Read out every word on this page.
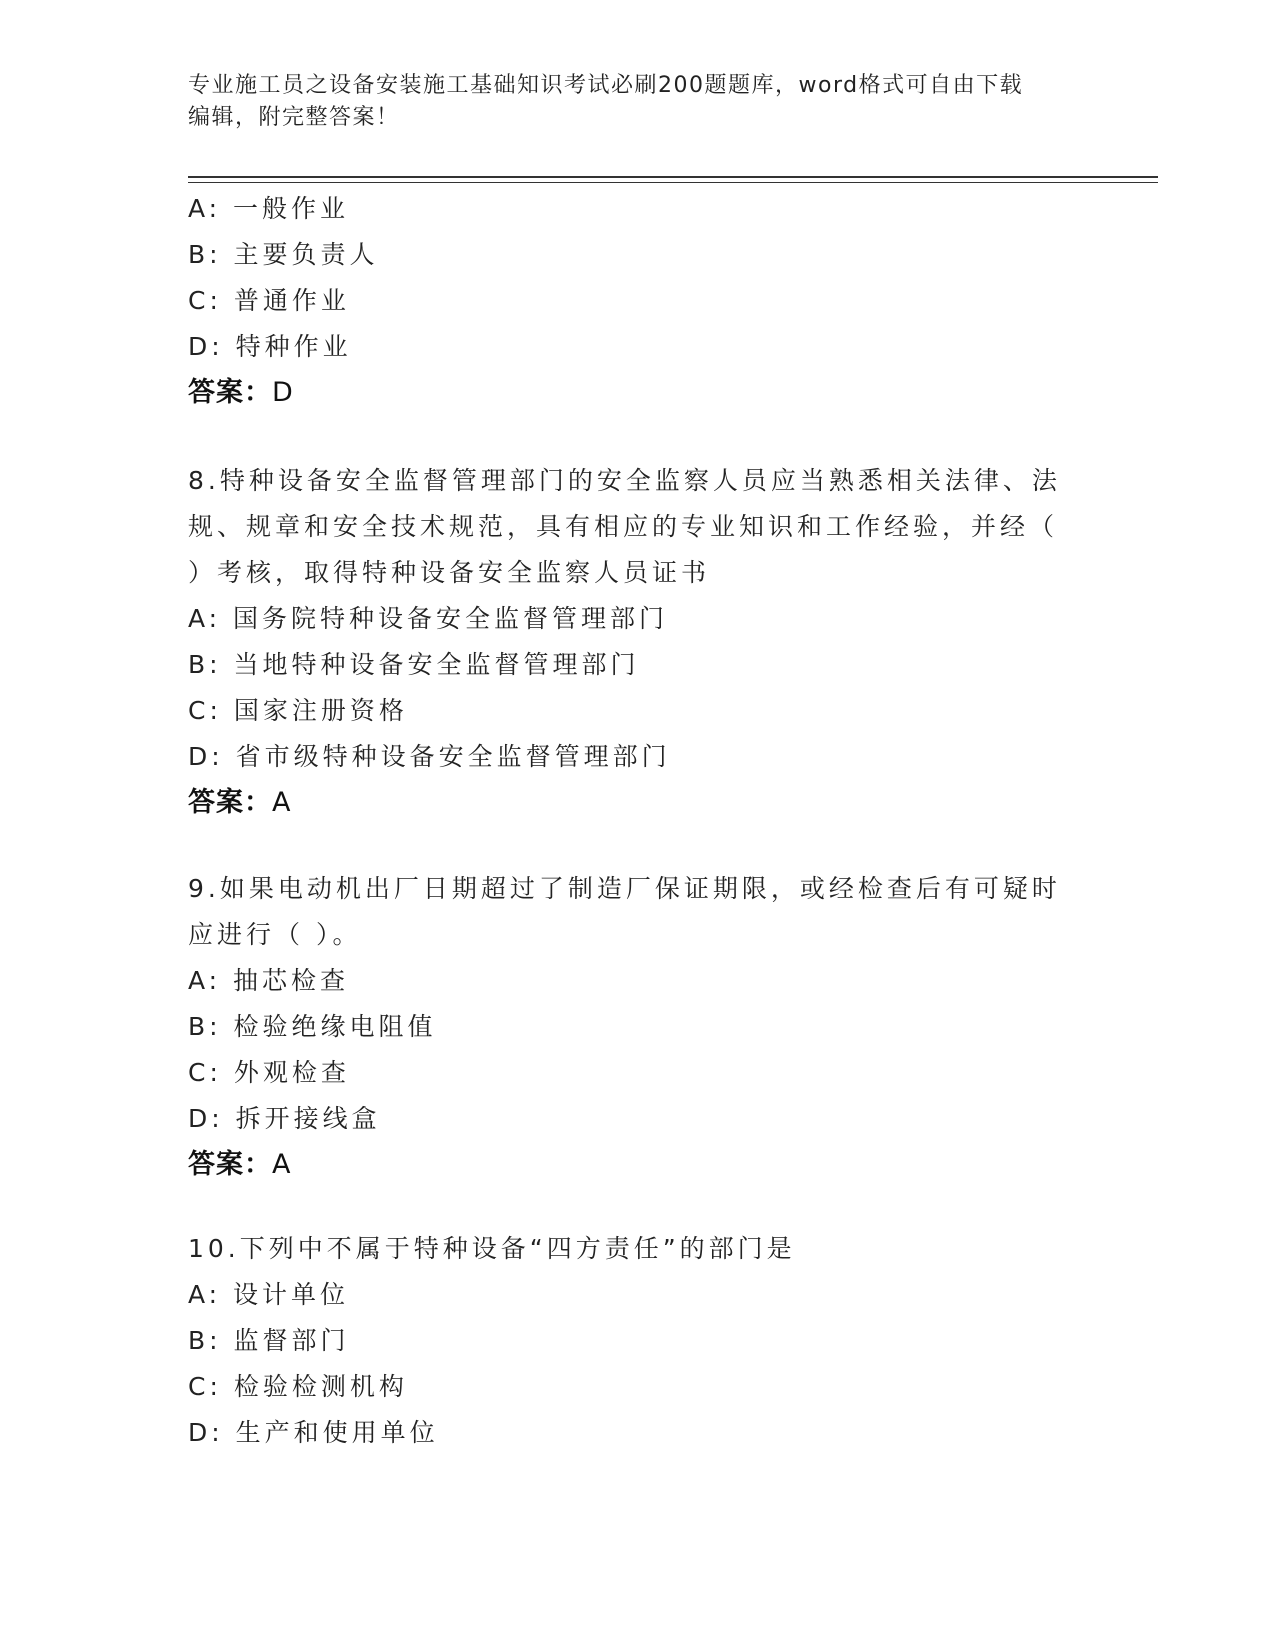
专业施工员之设备安装施工基础知识考试必刷200题题库，word格式可自由下载
编辑，附完整答案！
A: 一般作业
B: 主要负责人
C: 普通作业
D: 特种作业
答案：D
8.特种设备安全监督管理部门的安全监察人员应当熟悉相关法律、法
规、规章和安全技术规范，具有相应的专业知识和工作经验，并经（
）考核，取得特种设备安全监察人员证书
A: 国务院特种设备安全监督管理部门
B: 当地特种设备安全监督管理部门
C: 国家注册资格
D: 省市级特种设备安全监督管理部门
答案：A
9.如果电动机出厂日期超过了制造厂保证期限，或经检查后有可疑时
应进行（ ）。
A: 抽芯检查
B: 检验绝缘电阻值
C: 外观检查
D: 拆开接线盒
答案：A
10.下列中不属于特种设备“四方责任”的部门是
A: 设计单位
B: 监督部门
C: 检验检测机构
D: 生产和使用单位
